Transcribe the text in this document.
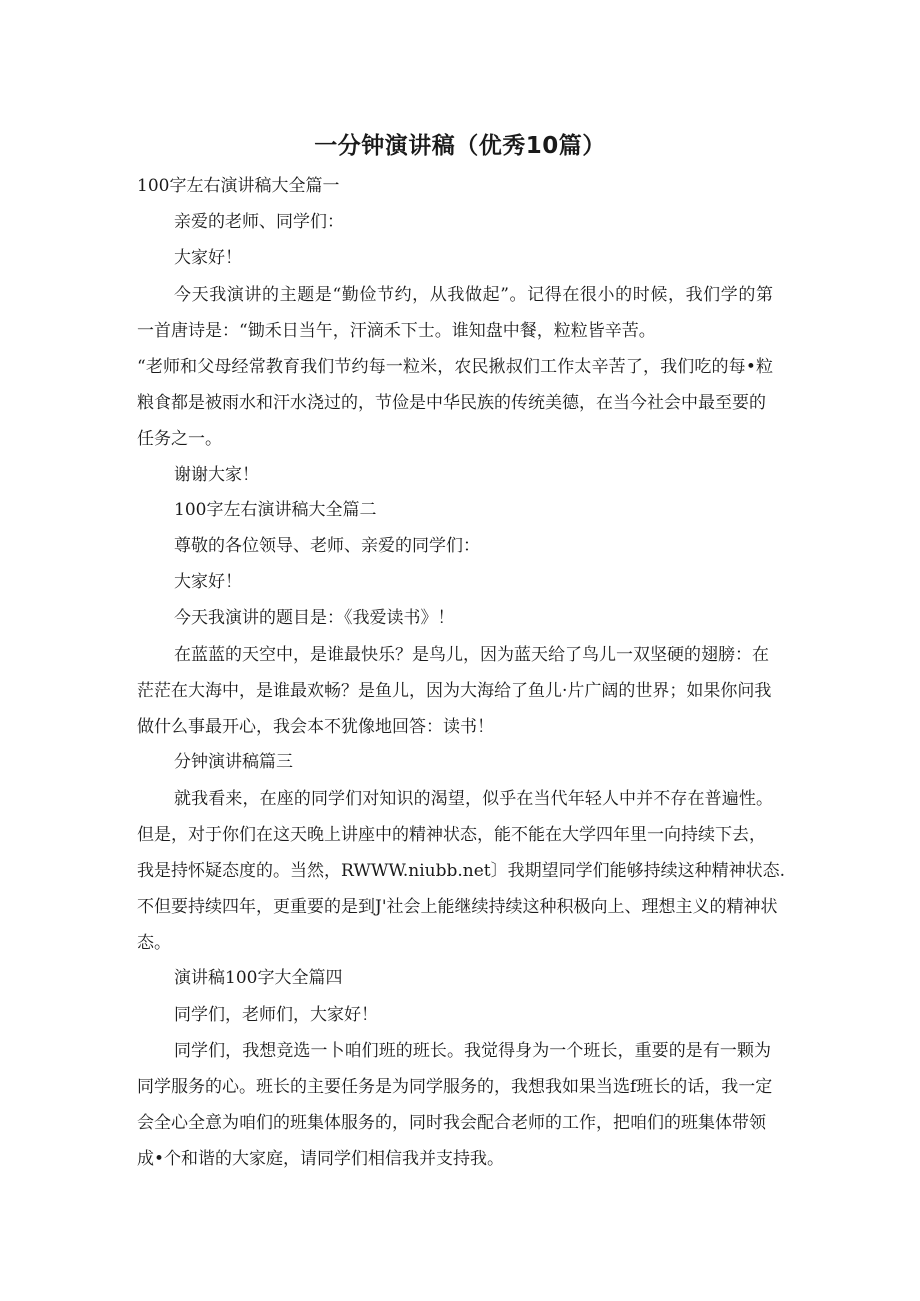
一分钟演讲稿（优秀10篇）

100字左右演讲稿大全篇一

亲爱的老师、同学们：

大家好！

今天我演讲的主题是“勤俭节约，从我做起”。记得在很小的时候，我们学的第

一首唐诗是：“锄禾日当午，汗滴禾下士。谁知盘中餐，粒粒皆辛苦。

“老师和父母经常教育我们节约每一粒米，农民揪叔们工作太辛苦了，我们吃的每•粒

粮食都是被雨水和汗水浇过的，节俭是中华民族的传统美德，在当今社会中最至要的

任务之一。

谢谢大家！

100字左右演讲稿大全篇二

尊敬的各位领导、老师、亲爱的同学们：

大家好！

今天我演讲的题目是：《我爱读书》！

在蓝蓝的天空中，是谁最快乐？是鸟儿，因为蓝天给了鸟儿一双坚硬的翅膀：在

茫茫在大海中，是谁最欢畅？是鱼儿，因为大海给了鱼儿·片广阔的世界；如果你问我

做什么事最开心，我会本不犹像地回答：读书！

分钟演讲稿篇三

就我看来，在座的同学们对知识的渴望，似乎在当代年轻人中并不存在普遍性。

但是，对于你们在这天晚上讲座中的精神状态，能不能在大学四年里一向持续下去，

我是持怀疑态度的。当然，RWWW.niubb.net〕我期望同学们能够持续这种精神状态.

不但要持续四年，更重要的是到J'社会上能继续持续这种积极向上、理想主义的精神状

态。

演讲稿100字大全篇四

同学们，老师们，大家好！

同学们，我想竞选一卜咱们班的班长。我觉得身为一个班长，重要的是有一颗为

同学服务的心。班长的主要任务是为同学服务的，我想我如果当选f班长的话，我一定

会全心全意为咱们的班集体服务的，同时我会配合老师的工作，把咱们的班集体带领

成•个和谐的大家庭，请同学们相信我并支持我。
